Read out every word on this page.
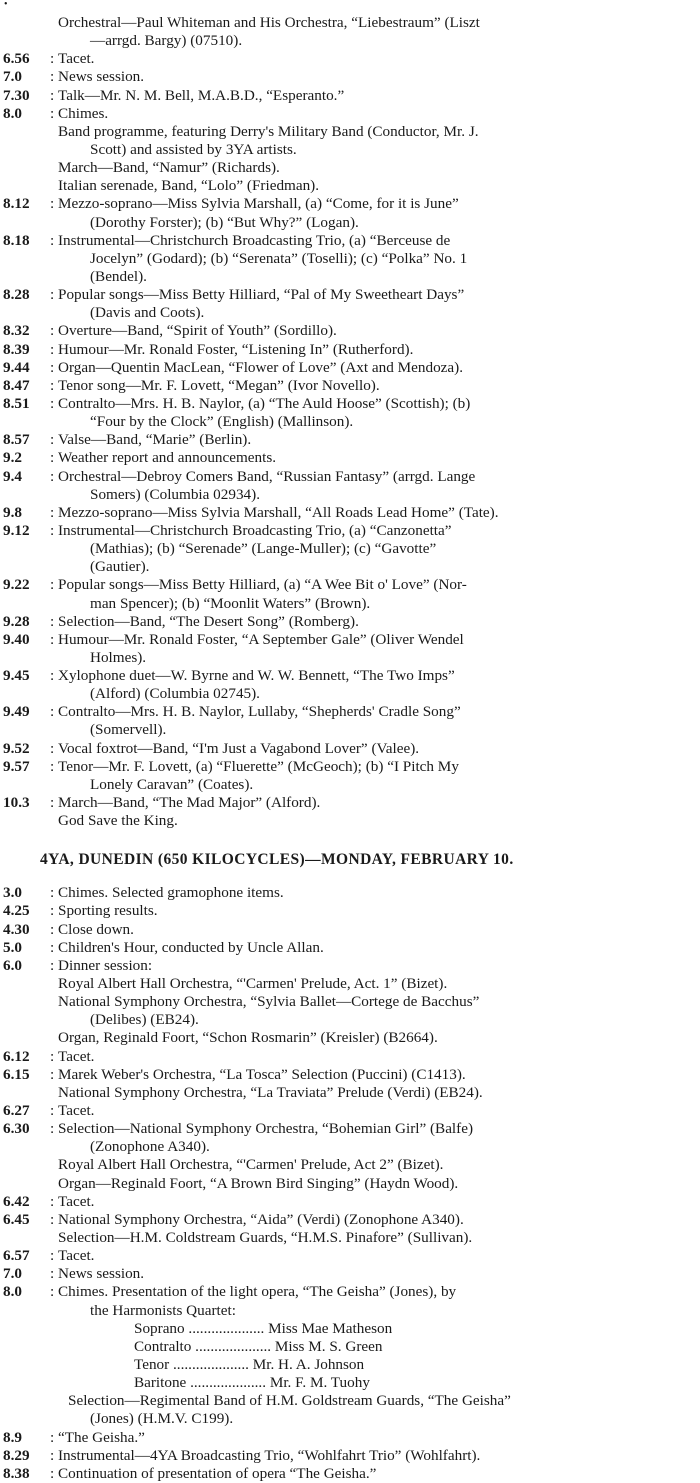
•
Orchestral—Paul Whiteman and His Orchestra, “Liebestraum” (Liszt
—arrgd. Bargy) (07510).
6.56 : Tacet.
7.0 : News session.
7.30 : Talk—Mr. N. M. Bell, M.A.B.D., “Esperanto.”
8.0 : Chimes.
Band programme, featuring Derry's Military Band (Conductor, Mr. J.
Scott) and assisted by 3YA artists.
March—Band, “Namur” (Richards).
Italian serenade, Band, “Lolo” (Friedman).
8.12 : Mezzo-soprano—Miss Sylvia Marshall, (a) “Come, for it is June”
(Dorothy Forster); (b) “But Why?” (Logan).
8.18 : Instrumental—Christchurch Broadcasting Trio, (a) “Berceuse de
Jocelyn” (Godard); (b) “Serenata” (Toselli); (c) “Polka” No. 1
(Bendel).
8.28 : Popular songs—Miss Betty Hilliard, “Pal of My Sweetheart Days”
(Davis and Coots).
8.32 : Overture—Band, “Spirit of Youth” (Sordillo).
8.39 : Humour—Mr. Ronald Foster, “Listening In” (Rutherford).
9.44 : Organ—Quentin MacLean, “Flower of Love” (Axt and Mendoza).
8.47 : Tenor song—Mr. F. Lovett, “Megan” (Ivor Novello).
8.51 : Contralto—Mrs. H. B. Naylor, (a) “The Auld Hoose” (Scottish); (b)
“Four by the Clock” (English) (Mallinson).
8.57 : Valse—Band, “Marie” (Berlin).
9.2 : Weather report and announcements.
9.4 : Orchestral—Debroy Comers Band, “Russian Fantasy” (arrgd. Lange
Somers) (Columbia 02934).
9.8 : Mezzo-soprano—Miss Sylvia Marshall, “All Roads Lead Home” (Tate).
9.12 : Instrumental—Christchurch Broadcasting Trio, (a) “Canzonetta”
(Mathias); (b) “Serenade” (Lange-Muller); (c) “Gavotte”
(Gautier).
9.22 : Popular songs—Miss Betty Hilliard, (a) “A Wee Bit o' Love” (Nor-
man Spencer); (b) “Moonlit Waters” (Brown).
9.28 : Selection—Band, “The Desert Song” (Romberg).
9.40 : Humour—Mr. Ronald Foster, “A September Gale” (Oliver Wendel
Holmes).
9.45 : Xylophone duet—W. Byrne and W. W. Bennett, “The Two Imps”
(Alford) (Columbia 02745).
9.49 : Contralto—Mrs. H. B. Naylor, Lullaby, “Shepherds' Cradle Song”
(Somervell).
9.52 : Vocal foxtrot—Band, “I'm Just a Vagabond Lover” (Valee).
9.57 : Tenor—Mr. F. Lovett, (a) “Fluerette” (McGeoch); (b) “I Pitch My
Lonely Caravan” (Coates).
10.3 : March—Band, “The Mad Major” (Alford).
God Save the King.
4YA, DUNEDIN (650 KILOCYCLES)—MONDAY, FEBRUARY 10.
3.0 : Chimes. Selected gramophone items.
4.25 : Sporting results.
4.30 : Close down.
5.0 : Children's Hour, conducted by Uncle Allan.
6.0 : Dinner session:
Royal Albert Hall Orchestra, “'Carmen' Prelude, Act. 1” (Bizet).
National Symphony Orchestra, “Sylvia Ballet—Cortege de Bacchus”
(Delibes) (EB24).
Organ, Reginald Foort, “Schon Rosmarin” (Kreisler) (B2664).
6.12 : Tacet.
6.15 : Marek Weber's Orchestra, “La Tosca” Selection (Puccini) (C1413).
National Symphony Orchestra, “La Traviata” Prelude (Verdi) (EB24).
6.27 : Tacet.
6.30 : Selection—National Symphony Orchestra, “Bohemian Girl” (Balfe)
(Zonophone A340).
Royal Albert Hall Orchestra, “'Carmen' Prelude, Act 2” (Bizet).
Organ—Reginald Foort, “A Brown Bird Singing” (Haydn Wood).
6.42 : Tacet.
6.45 : National Symphony Orchestra, “Aida” (Verdi) (Zonophone A340).
Selection—H.M. Coldstream Guards, “H.M.S. Pinafore” (Sullivan).
6.57 : Tacet.
7.0 : News session.
8.0 : Chimes. Presentation of the light opera, “The Geisha” (Jones), by
the Harmonists Quartet:
Soprano .................... Miss Mae Matheson
Contralto .................... Miss M. S. Green
Tenor .................... Mr. H. A. Johnson
Baritone .................... Mr. F. M. Tuohy
Selection—Regimental Band of H.M. Goldstream Guards, “The Geisha”
(Jones) (H.M.V. C199).
8.9 : “The Geisha.”
8.29 : Instrumental—4YA Broadcasting Trio, “Wohlfahrt Trio” (Wohlfahrt).
8.38 : Continuation of presentation of opera “The Geisha.”
